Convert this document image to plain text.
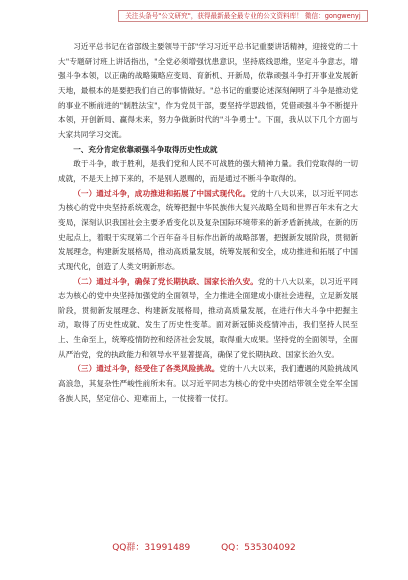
关注头条号"公文研究"，获得最新最全最专业的公文资料库！ 微信：gongwenyj

习近平总书记在省部级主要领导干部"学习习近平总书记重要讲话精神，迎接党的二十大"专题研讨班上讲话指出，"全党必须增强忧患意识，坚持底线思维，坚定斗争意志，增强斗争本领，以正确的战略策略应变局、育新机、开新局，依靠顽强斗争打开事业发展新天地，最根本的是要把我们自己的事情做好。"总书记的重要论述深刻阐明了斗争是推动党的事业不断前进的"制胜法宝"，作为党员干部，要坚持学思践悟，凭借顽强斗争不断提升本领，开创新局、赢得未来，努力争做新时代的"斗争勇士"。下面，我从以下几个方面与大家共同学习交流。

一、充分肯定依靠顽强斗争取得历史性成就

敢于斗争，敢于胜利，是我们党和人民不可战胜的强大精神力量。我们党取得的一切成就，不是天上掉下来的，不是别人恩赐的，而是通过不断斗争取得的。

（一）通过斗争，成功推进和拓展了中国式现代化。党的十八大以来，以习近平同志为核心的党中央坚持系统观念，统筹把握中华民族伟大复兴战略全局和世界百年未有之大变局，深刻认识我国社会主要矛盾变化以及复杂国际环境带来的新矛盾新挑战，在新的历史起点上，着眼于实现第二个百年奋斗目标作出新的战略部署，把握新发展阶段，贯彻新发展理念，构建新发展格局，推动高质量发展，统筹发展和安全，成功推进和拓展了中国式现代化，创造了人类文明新形态。

（二）通过斗争，确保了党长期执政、国家长治久安。党的十八大以来，以习近平同志为核心的党中央坚持加强党的全面领导，全力推进全面建成小康社会进程，立足新发展阶段，贯彻新发展理念、构建新发展格局，推动高质量发展，在进行伟大斗争中把握主动，取得了历史性成就、发生了历史性变革。面对新冠肺炎疫情冲击，我们坚持人民至上、生命至上，统筹疫情防控和经济社会发展，取得重大成果。坚持党的全面领导，全面从严治党，党的执政能力和领导水平显著提高，确保了党长期执政、国家长治久安。

（三）通过斗争，经受住了各类风险挑战。党的十八大以来，我们遭遇的风险挑战风高浪急，其复杂性严峻性前所未有。以习近平同志为核心的党中央团结带领全党全军全国各族人民，坚定信心、迎难而上，一仗接着一仗打。

QQ群：31991489	QQ：535304092
